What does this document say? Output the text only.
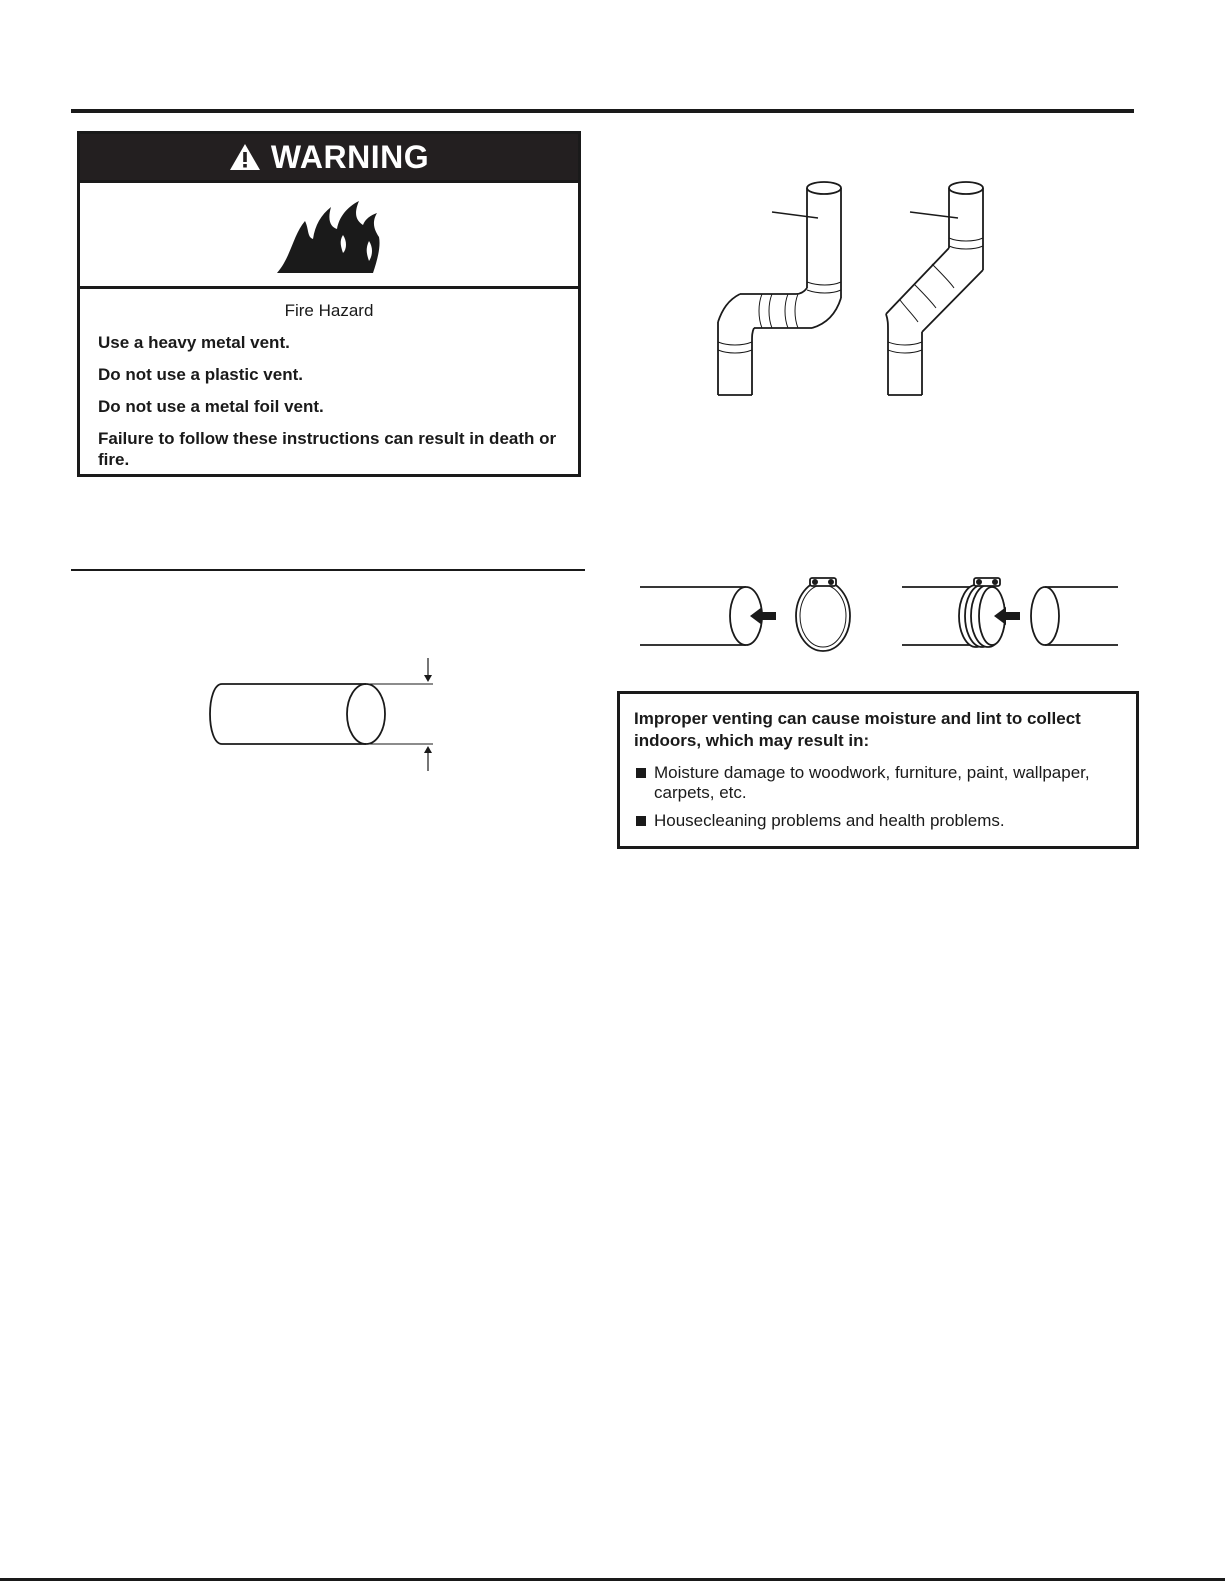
WARNING

Fire Hazard

Use a heavy metal vent.

Do not use a plastic vent.

Do not use a metal foil vent.

Failure to follow these instructions can result in death or fire.

Improper venting can cause moisture and lint to collect indoors, which may result in:

Moisture damage to woodwork, furniture, paint, wallpaper, carpets, etc.
Housecleaning problems and health problems.
